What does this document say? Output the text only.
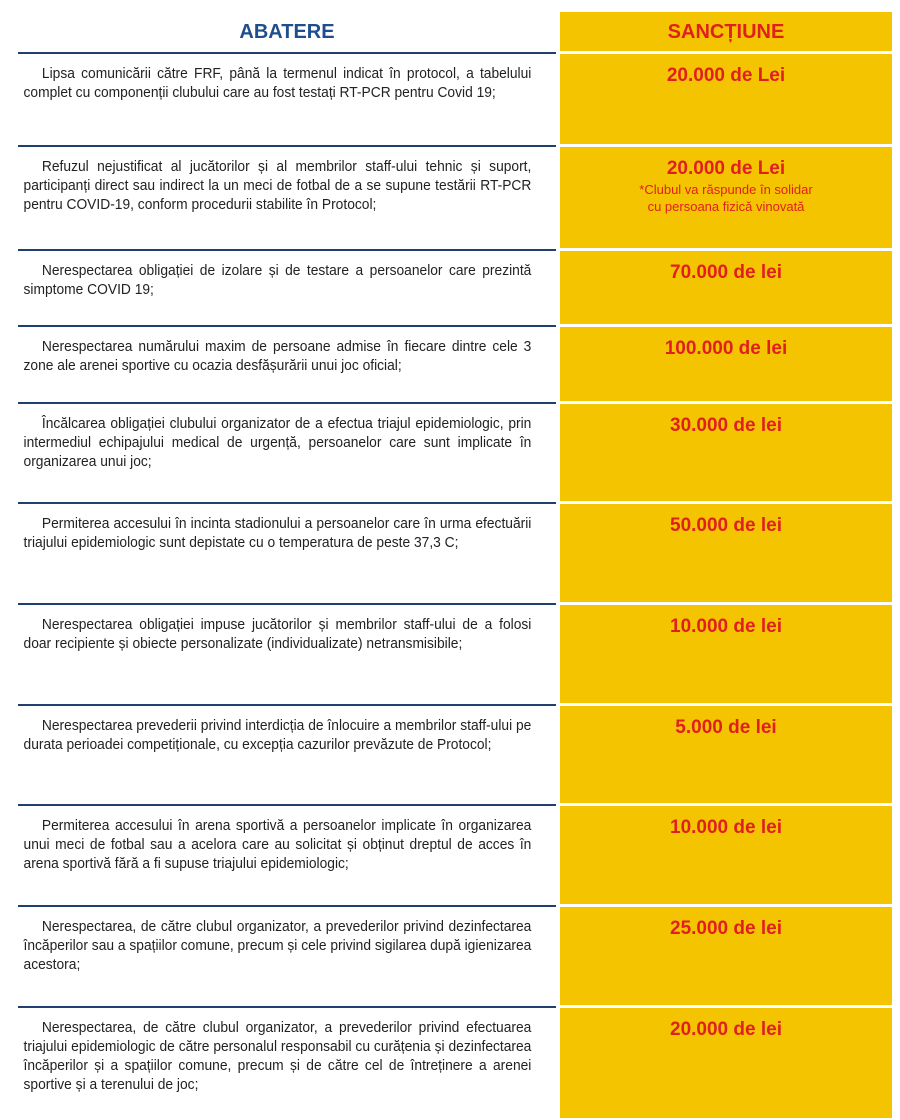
ABATERE	SANCȚIUNE
Lipsa comunicării către FRF, până la termenul indicat în protocol, a tabelului complet cu componenții clubului care au fost testați RT-PCR pentru Covid 19;
20.000 de Lei
Refuzul nejustificat al jucătorilor și al membrilor staff-ului tehnic și suport, participanți direct sau indirect la un meci de fotbal de a se supune testării RT-PCR pentru COVID-19, conform procedurii stabilite în Protocol;
20.000 de Lei
*Clubul va răspunde în solidar
cu persoana fizică vinovată
Nerespectarea obligației de izolare și de testare a persoanelor care prezintă simptome COVID 19;
70.000 de lei
Nerespectarea numărului maxim de persoane admise în fiecare dintre cele 3 zone ale arenei sportive cu ocazia desfășurării unui joc oficial;
100.000 de lei
Încălcarea obligației clubului organizator de a efectua triajul epidemiologic, prin intermediul echipajului medical de urgență, persoanelor care sunt implicate în organizarea unui joc;
30.000 de lei
Permiterea accesului în incinta stadionului a persoanelor care în urma efectuării triajului epidemiologic sunt depistate cu o temperatura de peste 37,3 C;
50.000 de lei
Nerespectarea obligației impuse jucătorilor și membrilor staff-ului de a folosi doar recipiente și obiecte personalizate (individualizate) netransmisibile;
10.000 de lei
Nerespectarea prevederii privind interdicția de înlocuire a membrilor staff-ului pe durata perioadei competiționale, cu excepția cazurilor prevăzute de Protocol;
5.000 de lei
Permiterea accesului în arena sportivă a persoanelor implicate în organizarea unui meci de fotbal sau a acelora care au solicitat și obținut dreptul de acces în arena sportivă fără a fi supuse triajului epidemiologic;
10.000 de lei
Nerespectarea, de către clubul organizator, a prevederilor privind dezinfectarea încăperilor sau a spațiilor comune, precum și cele privind sigilarea după igienizarea acestora;
25.000 de lei
Nerespectarea, de către clubul organizator, a prevederilor privind efectuarea triajului epidemiologic de către personalul responsabil cu curățenia și dezinfectarea încăperilor și a spațiilor comune, precum și de către cel de întreținere a arenei sportive și a terenului de joc;
20.000 de lei
